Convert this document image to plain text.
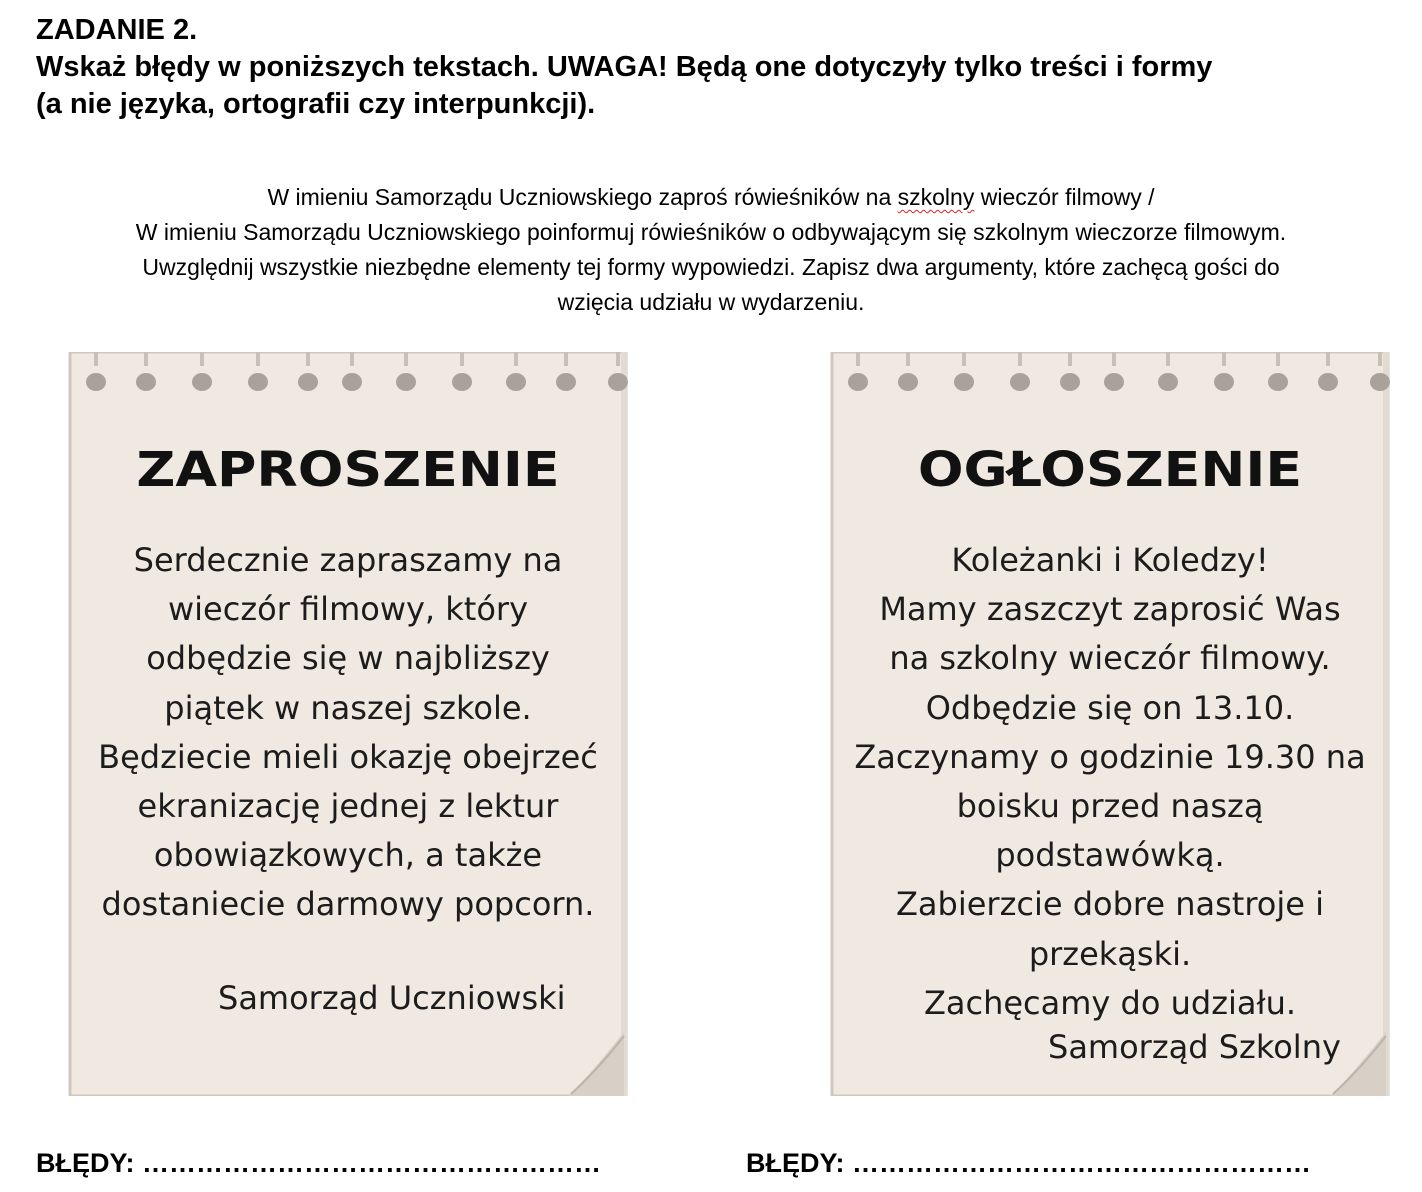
ZADANIE 2.
Wskaż błędy w poniższych tekstach. UWAGA! Będą one dotyczyły tylko treści i formy
(a nie języka, ortografii czy interpunkcji).
W imieniu Samorządu Uczniowskiego zaproś rówieśników na szkolny wieczór filmowy /
W imieniu Samorządu Uczniowskiego poinformuj rówieśników o odbywającym się szkolnym wieczorze filmowym.
Uwzględnij wszystkie niezbędne elementy tej formy wypowiedzi. Zapisz dwa argumenty, które zachęcą gości do
wzięcia udziału w wydarzeniu.
ZAPROSZENIE
Serdecznie zapraszamy na
wieczór filmowy, który
odbędzie się w najbliższy
piątek w naszej szkole.
Będziecie mieli okazję obejrzeć
ekranizację jednej z lektur
obowiązkowych, a także
dostaniecie darmowy popcorn.
Samorząd Uczniowski
OGŁOSZENIE
Koleżanki i Koledzy!
Mamy zaszczyt zaprosić Was
na szkolny wieczór filmowy.
Odbędzie się on 13.10.
Zaczynamy o godzinie 19.30 na
boisku przed naszą
podstawówką.
Zabierzcie dobre nastroje i
przekąski.
Zachęcamy do udziału.
Samorząd Szkolny
BŁĘDY: ……………………………………………	BŁĘDY: ……………………………………………
